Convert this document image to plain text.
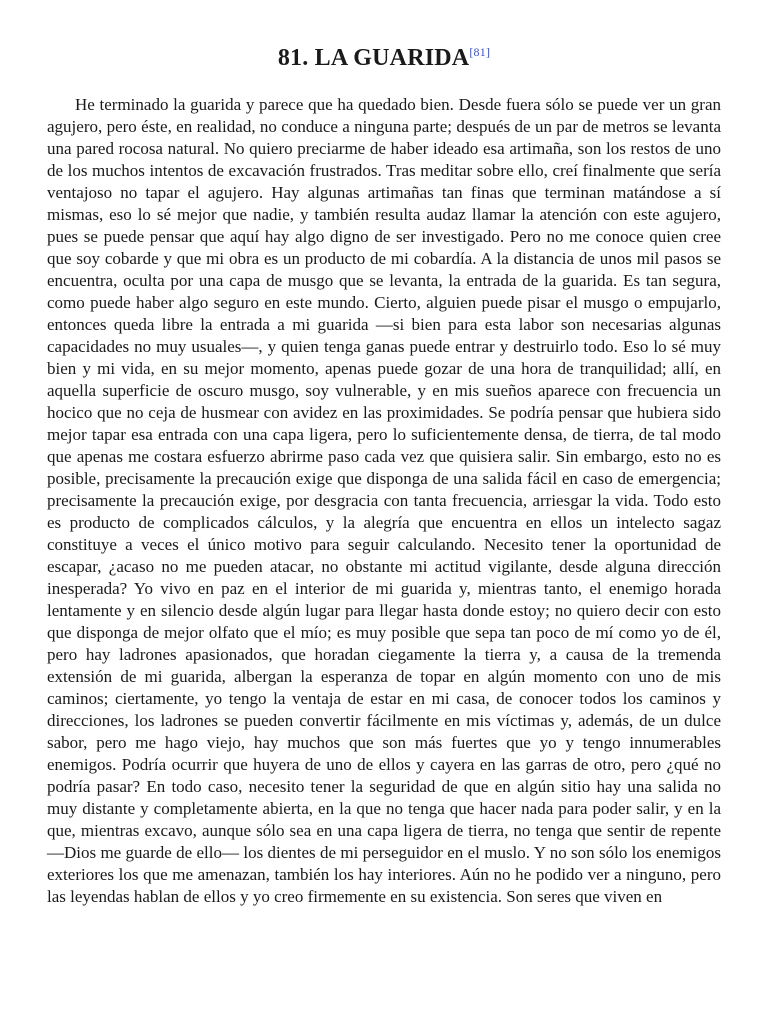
81. LA GUARIDA[81]

He terminado la guarida y parece que ha quedado bien. Desde fuera sólo se puede ver un gran agujero, pero éste, en realidad, no conduce a ninguna parte; después de un par de metros se levanta una pared rocosa natural. No quiero preciarme de haber ideado esa artimaña, son los restos de uno de los muchos intentos de excavación frustrados. Tras meditar sobre ello, creí finalmente que sería ventajoso no tapar el agujero. Hay algunas artimañas tan finas que terminan matándose a sí mismas, eso lo sé mejor que nadie, y también resulta audaz llamar la atención con este agujero, pues se puede pensar que aquí hay algo digno de ser investigado. Pero no me conoce quien cree que soy cobarde y que mi obra es un producto de mi cobardía. A la distancia de unos mil pasos se encuentra, oculta por una capa de musgo que se levanta, la entrada de la guarida. Es tan segura, como puede haber algo seguro en este mundo. Cierto, alguien puede pisar el musgo o empujarlo, entonces queda libre la entrada a mi guarida —si bien para esta labor son necesarias algunas capacidades no muy usuales—, y quien tenga ganas puede entrar y destruirlo todo. Eso lo sé muy bien y mi vida, en su mejor momento, apenas puede gozar de una hora de tranquilidad; allí, en aquella superficie de oscuro musgo, soy vulnerable, y en mis sueños aparece con frecuencia un hocico que no ceja de husmear con avidez en las proximidades. Se podría pensar que hubiera sido mejor tapar esa entrada con una capa ligera, pero lo suficientemente densa, de tierra, de tal modo que apenas me costara esfuerzo abrirme paso cada vez que quisiera salir. Sin embargo, esto no es posible, precisamente la precaución exige que disponga de una salida fácil en caso de emergencia; precisamente la precaución exige, por desgracia con tanta frecuencia, arriesgar la vida. Todo esto es producto de complicados cálculos, y la alegría que encuentra en ellos un intelecto sagaz constituye a veces el único motivo para seguir calculando. Necesito tener la oportunidad de escapar, ¿acaso no me pueden atacar, no obstante mi actitud vigilante, desde alguna dirección inesperada? Yo vivo en paz en el interior de mi guarida y, mientras tanto, el enemigo horada lentamente y en silencio desde algún lugar para llegar hasta donde estoy; no quiero decir con esto que disponga de mejor olfato que el mío; es muy posible que sepa tan poco de mí como yo de él, pero hay ladrones apasionados, que horadan ciegamente la tierra y, a causa de la tremenda extensión de mi guarida, albergan la esperanza de topar en algún momento con uno de mis caminos; ciertamente, yo tengo la ventaja de estar en mi casa, de conocer todos los caminos y direcciones, los ladrones se pueden convertir fácilmente en mis víctimas y, además, de un dulce sabor, pero me hago viejo, hay muchos que son más fuertes que yo y tengo innumerables enemigos. Podría ocurrir que huyera de uno de ellos y cayera en las garras de otro, pero ¿qué no podría pasar? En todo caso, necesito tener la seguridad de que en algún sitio hay una salida no muy distante y completamente abierta, en la que no tenga que hacer nada para poder salir, y en la que, mientras excavo, aunque sólo sea en una capa ligera de tierra, no tenga que sentir de repente —Dios me guarde de ello— los dientes de mi perseguidor en el muslo. Y no son sólo los enemigos exteriores los que me amenazan, también los hay interiores. Aún no he podido ver a ninguno, pero las leyendas hablan de ellos y yo creo firmemente en su existencia. Son seres que viven en
